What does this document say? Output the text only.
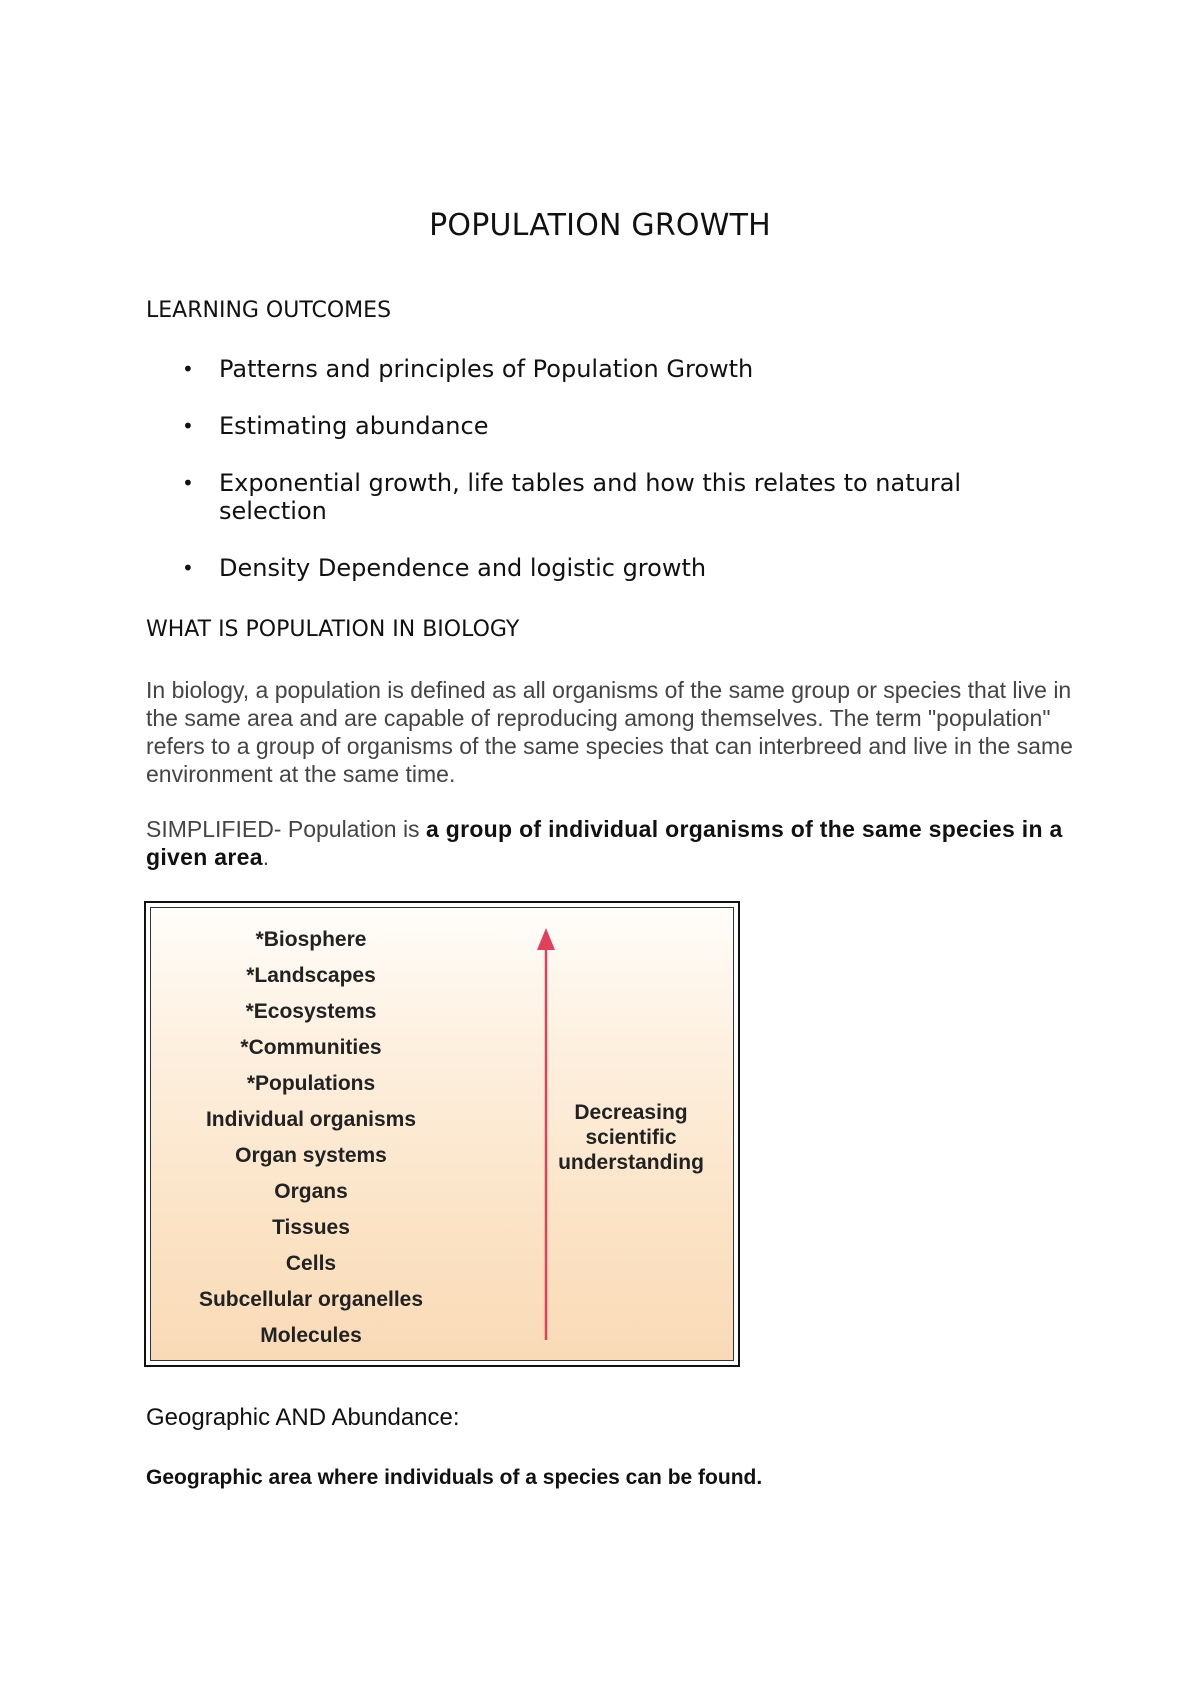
POPULATION GROWTH
LEARNING OUTCOMES
• Patterns and principles of Population Growth
• Estimating abundance
• Exponential growth, life tables and how this relates to natural selection
• Density Dependence and logistic growth
WHAT IS POPULATION IN BIOLOGY
In biology, a population is defined as all organisms of the same group or species that live in the same area and are capable of reproducing among themselves. The term "population" refers to a group of organisms of the same species that can interbreed and live in the same environment at the same time.
SIMPLIFIED- Population is a group of individual organisms of the same species in a given area.
*Biosphere
*Landscapes
*Ecosystems
*Communities
*Populations
Individual organisms
Organ systems
Organs
Tissues
Cells
Subcellular organelles
Molecules
Decreasing
scientific
understanding
Geographic AND Abundance:
Geographic area where individuals of a species can be found.
